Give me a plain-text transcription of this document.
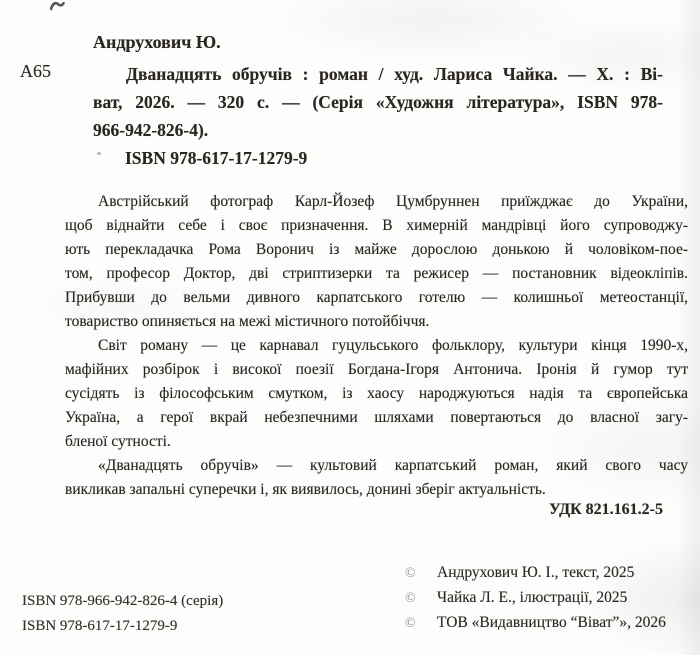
Андрухович Ю.
А65	Дванадцять обручів : роман / худ. Лариса Чайка. — Х. : Ві-
ват, 2026. — 320 с. — (Серія «Художня література», ISBN 978-
966-942-826-4).
ISBN 978-617-17-1279-9
Австрійський фотограф Карл-Йозеф Цумбруннен приїжджає до України,
щоб віднайти себе і своє призначення. В химерній мандрівці його супроводжу-
ють перекладачка Рома Воронич із майже дорослою донькою й чоловіком-пое-
том, професор Доктор, дві стриптизерки та режисер — постановник відеокліпів.
Прибувши до вельми дивного карпатського готелю — колишньої метеостанції,
товариство опиняється на межі містичного потойбіччя.
Світ роману — це карнавал гуцульського фольклору, культури кінця 1990-х,
мафійних розбірок і високої поезії Богдана-Ігоря Антонича. Іронія й гумор тут
сусідять із філософським смутком, із хаосу народжуються надія та європейська
Україна, а герої вкрай небезпечними шляхами повертаються до власної загу-
бленої сутності.
«Дванадцять обручів» — культовий карпатський роман, який свого часу
викликав запальні суперечки і, як виявилось, донині зберіг актуальність.
УДК 821.161.2-5
ISBN 978-966-942-826-4 (серія)
ISBN 978-617-17-1279-9
©	Андрухович Ю. І., текст, 2025
©	Чайка Л. Е., ілюстрації, 2025
©	ТОВ «Видавництво “Віват”», 2026
